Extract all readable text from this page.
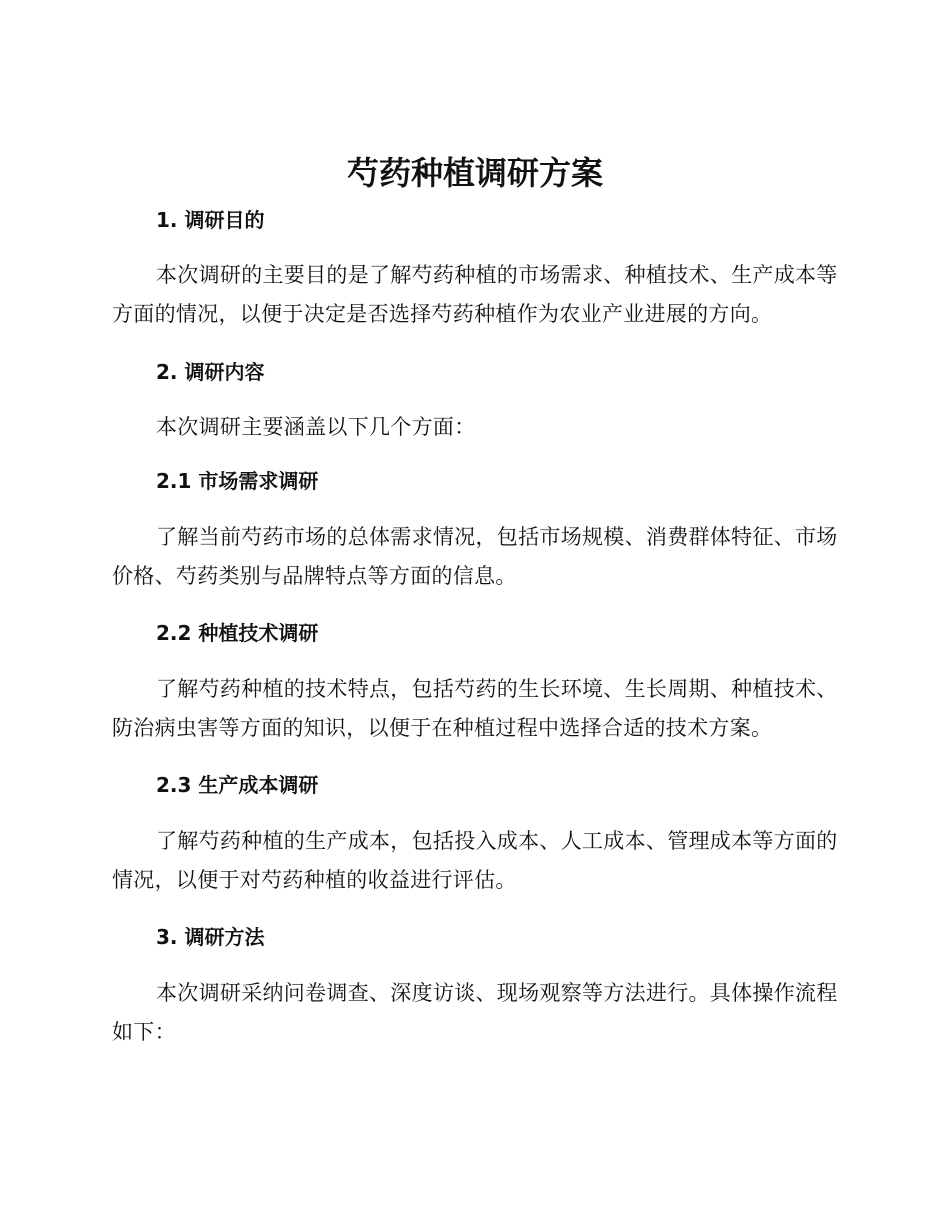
芍药种植调研方案
1. 调研目的

本次调研的主要目的是了解芍药种植的市场需求、种植技术、生产成本等方面的情况，以便于决定是否选择芍药种植作为农业产业进展的方向。

2. 调研内容

本次调研主要涵盖以下几个方面：

2.1 市场需求调研

了解当前芍药市场的总体需求情况，包括市场规模、消费群体特征、市场价格、芍药类别与品牌特点等方面的信息。

2.2 种植技术调研

了解芍药种植的技术特点，包括芍药的生长环境、生长周期、种植技术、防治病虫害等方面的知识，以便于在种植过程中选择合适的技术方案。

2.3 生产成本调研

了解芍药种植的生产成本，包括投入成本、人工成本、管理成本等方面的情况，以便于对芍药种植的收益进行评估。

3. 调研方法

本次调研采纳问卷调查、深度访谈、现场观察等方法进行。具体操作流程如下：
